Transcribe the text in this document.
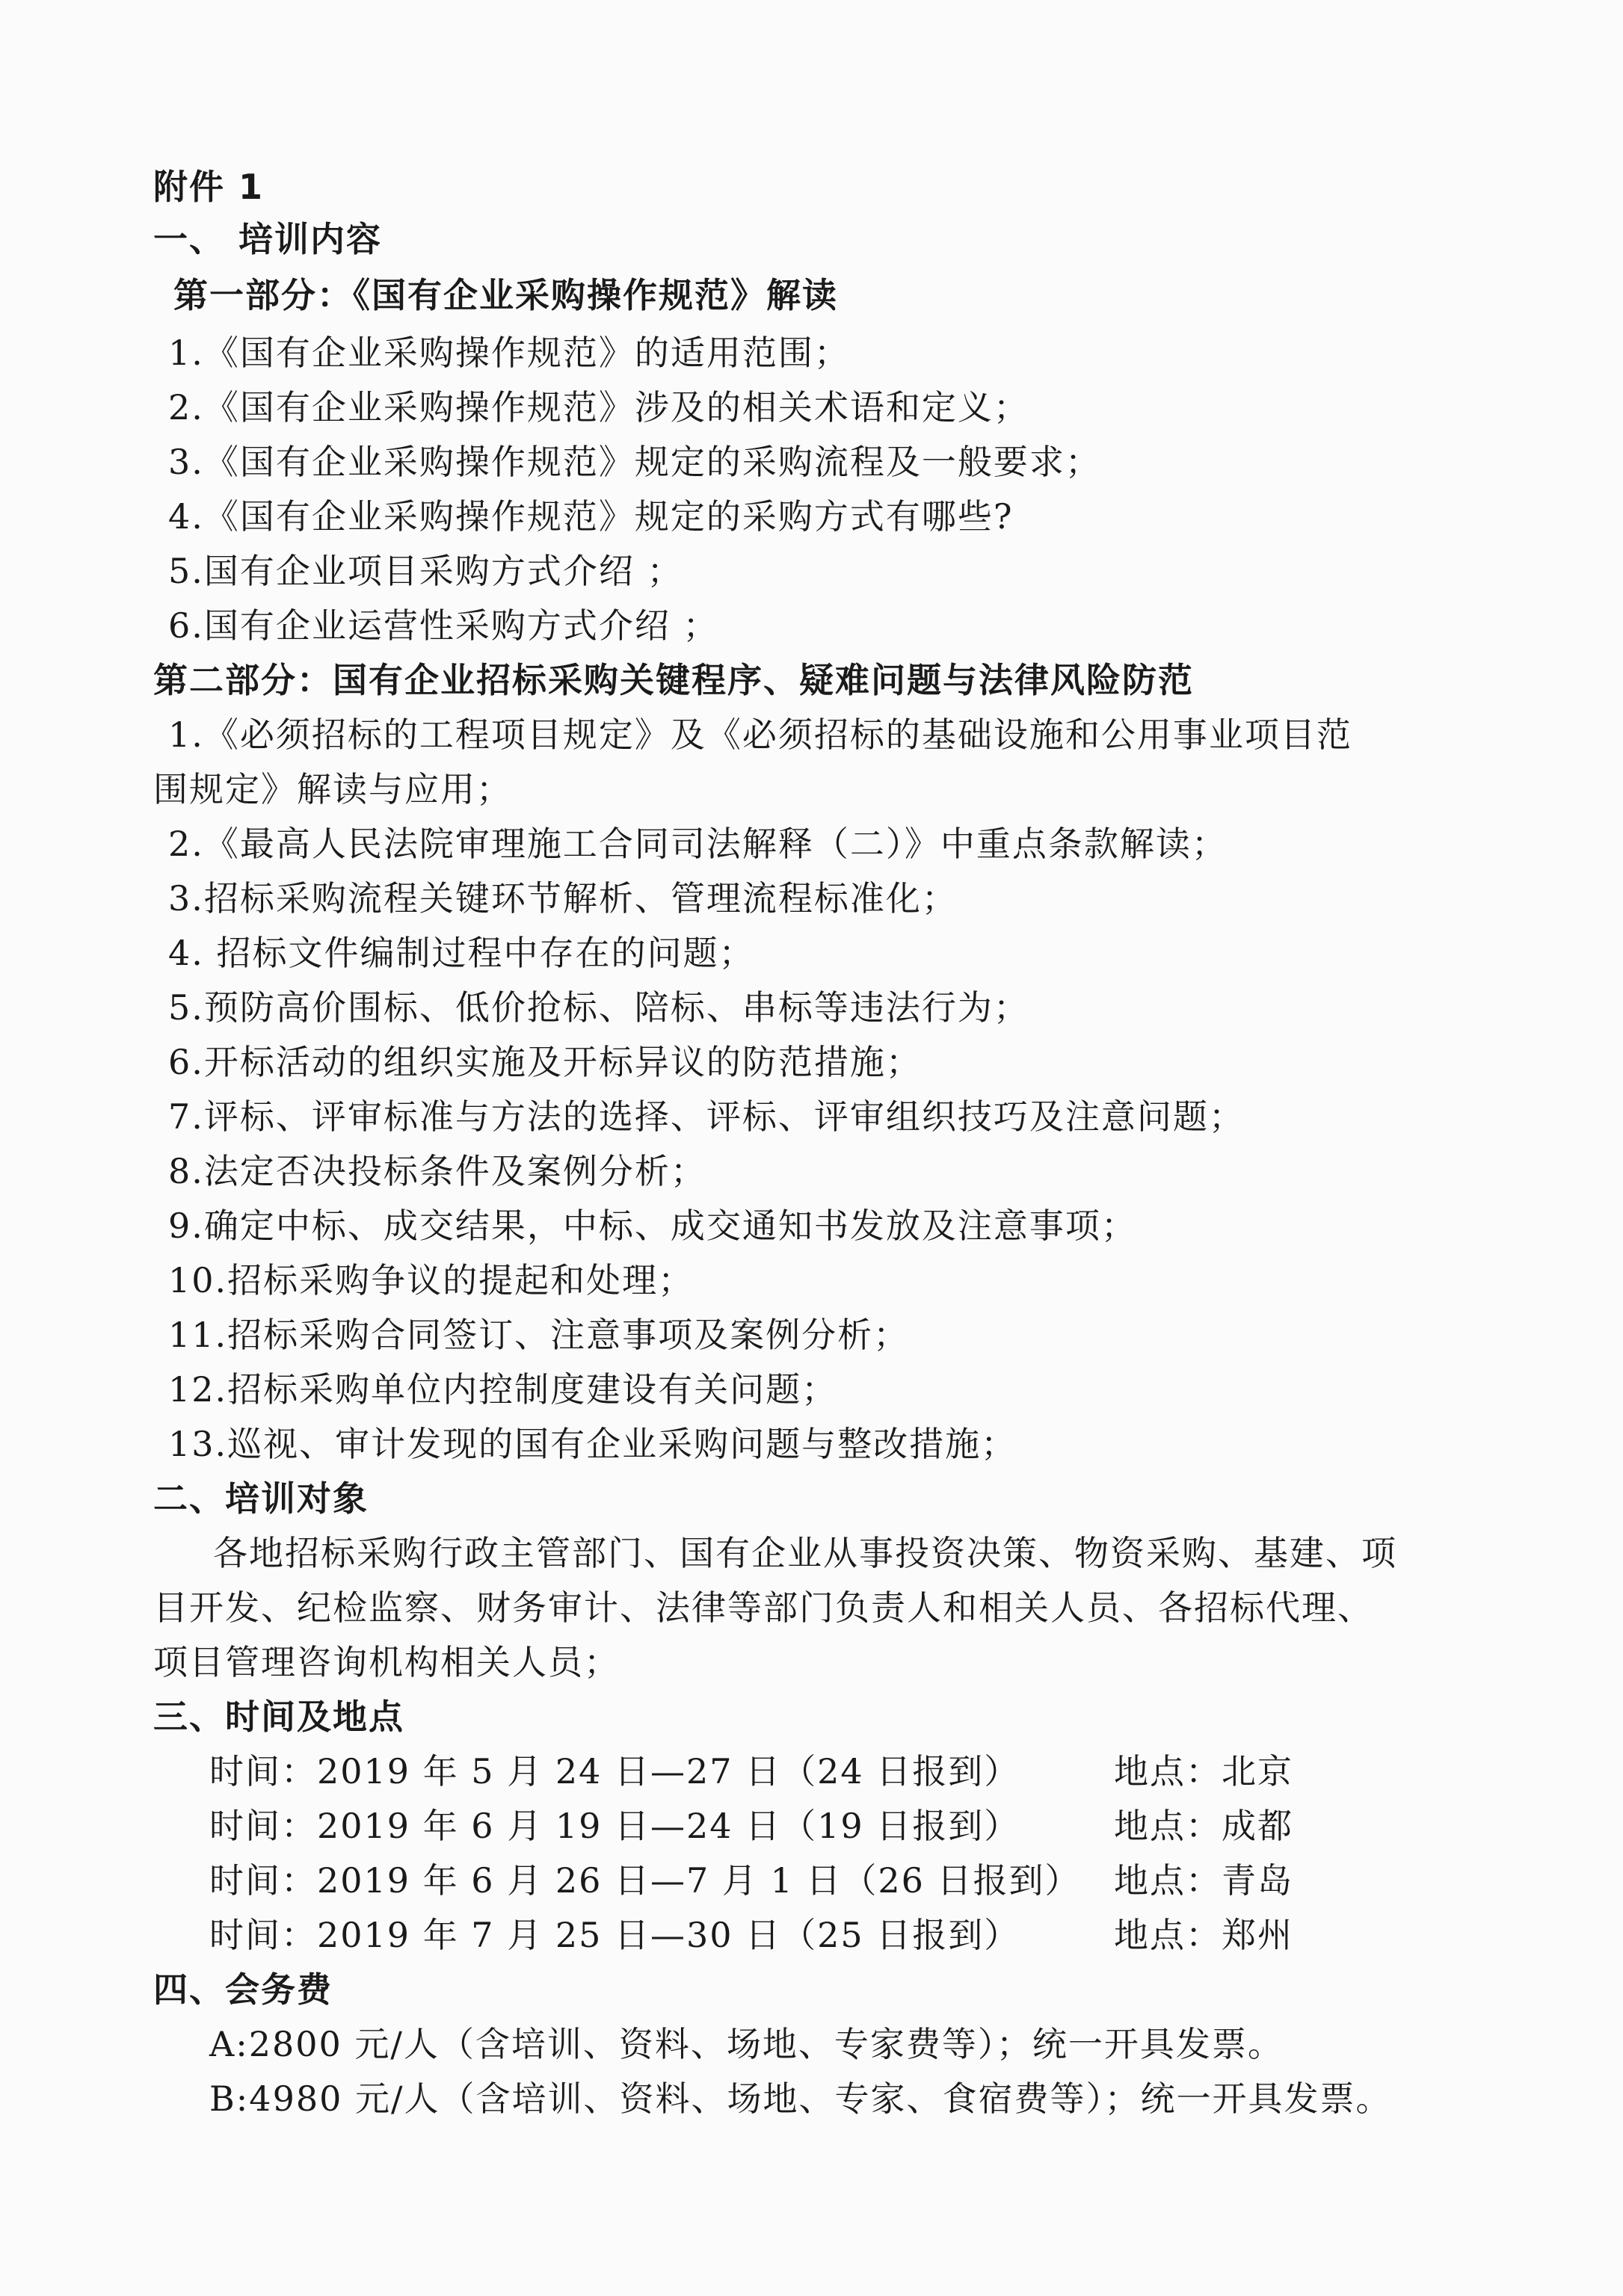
附件 1
一、 培训内容
第一部分：《国有企业采购操作规范》解读
1.《国有企业采购操作规范》的适用范围；
2.《国有企业采购操作规范》涉及的相关术语和定义；
3.《国有企业采购操作规范》规定的采购流程及一般要求；
4.《国有企业采购操作规范》规定的采购方式有哪些?
5.国有企业项目采购方式介绍 ；
6.国有企业运营性采购方式介绍 ；
第二部分：国有企业招标采购关键程序、疑难问题与法律风险防范
1.《必须招标的工程项目规定》及《必须招标的基础设施和公用事业项目范
围规定》解读与应用；
2.《最高人民法院审理施工合同司法解释（二）》中重点条款解读；
3.招标采购流程关键环节解析、管理流程标准化；
4. 招标文件编制过程中存在的问题；
5.预防高价围标、低价抢标、陪标、串标等违法行为；
6.开标活动的组织实施及开标异议的防范措施；
7.评标、评审标准与方法的选择、评标、评审组织技巧及注意问题；
8.法定否决投标条件及案例分析；
9.确定中标、成交结果，中标、成交通知书发放及注意事项；
10.招标采购争议的提起和处理；
11.招标采购合同签订、注意事项及案例分析；
12.招标采购单位内控制度建设有关问题；
13.巡视、审计发现的国有企业采购问题与整改措施；
二、培训对象
各地招标采购行政主管部门、国有企业从事投资决策、物资采购、基建、项
目开发、纪检监察、财务审计、法律等部门负责人和相关人员、各招标代理、
项目管理咨询机构相关人员；
三、时间及地点
时间：2019 年 5 月 24 日—27 日（24 日报到）	地点：北京
时间：2019 年 6 月 19 日—24 日（19 日报到）	地点：成都
时间：2019 年 6 月 26 日—7 月 1 日（26 日报到） 地点：青岛
时间：2019 年 7 月 25 日—30 日（25 日报到）	地点：郑州
四、会务费
A:2800 元/人（含培训、资料、场地、专家费等）；统一开具发票。
B:4980 元/人（含培训、资料、场地、专家、食宿费等）；统一开具发票。
